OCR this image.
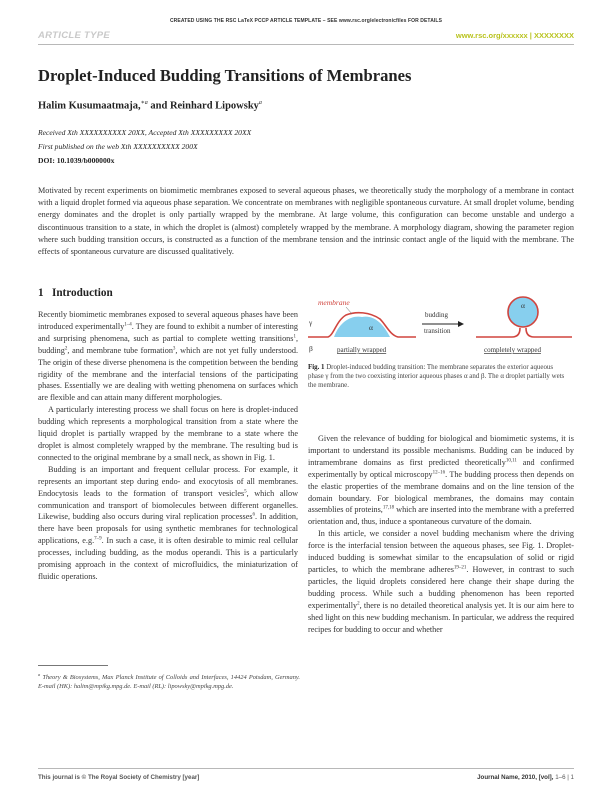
CREATED USING THE RSC LaTeX PCCP ARTICLE TEMPLATE – SEE www.rsc.org/electronicfiles FOR DETAILS
ARTICLE TYPE	www.rsc.org/xxxxxx | XXXXXXXX
Droplet-Induced Budding Transitions of Membranes
Halim Kusumaatmaja,$^{∗a}$ and Reinhard Lipowsky$^a$
Received Xth XXXXXXXXXX 20XX, Accepted Xth XXXXXXXXX 20XX
First published on the web Xth XXXXXXXXXX 200X
DOI: 10.1039/b000000x
Motivated by recent experiments on biomimetic membranes exposed to several aqueous phases, we theoretically study the morphology of a membrane in contact with a liquid droplet formed via aqueous phase separation. We concentrate on membranes with negligible spontaneous curvature. At small droplet volume, bending energy dominates and the droplet is only partially wrapped by the membrane. At large volume, this configuration can become unstable and undergo a discontinuous transition to a state, in which the droplet is (almost) completely wrapped by the membrane. A morphology diagram, showing the parameter region where such budding transition occurs, is constructed as a function of the membrane tension and the intrinsic contact angle of the liquid with the membrane. The effects of spontaneous curvature are discussed qualitatively.
1 Introduction

Recently biomimetic membranes exposed to several aqueous phases have been introduced experimentally$^{1-4}$. They are found to exhibit a number of interesting and surprising phenomena, such as partial to complete wetting transitions$^1$, budding$^2$, and membrane tube formation$^3$, which are not yet fully understood. The origin of these diverse phenomena is the competition between the bending rigidity of the membrane and the interfacial tensions of the participating phases. Essentially we are dealing with wetting phenomena on surfaces which are flexible and can attain many different morphologies.

A particularly interesting process we shall focus on here is droplet-induced budding which represents a morphological transition from a state where the liquid droplet is partially wrapped by the membrane to a state where the droplet is almost completely wrapped by the membrane. The resulting bud is connected to the original membrane by a small neck, as shown in Fig. 1.

Budding is an important and frequent cellular process. For example, it represents an important step during endo- and exocytosis of all membranes. Endocytosis leads to the formation of transport vesicles$^5$, which allow communication and transport of biomolecules between different organelles. Likewise, budding also occurs during viral replication processes$^6$. In addition, there have been proposals for using synthetic membranes for technological applications, e.g.$^{7-9}$. In such a case, it is often desirable to mimic real cellular processes, including budding, as the modus operandi. This is a particularly promising approach in the context of microfluidics, the miniaturization of fluidic operations.

$^a$ Theory & Biosystems, Max Planck Institute of Colloids and Interfaces, 14424 Potsdam, Germany. E-mail (HK): halim@mpikg.mpg.de. E-mail (RL): lipowsky@mpikg.mpg.de.
membrane
γ
α
β	partially wrapped
budding
transition
α
completely wrapped
Fig. 1 Droplet-induced budding transition: The membrane separates the exterior aqueous phase γ from the two coexisting interior aqueous phases α and β. The α droplet partially wets the membrane.

Given the relevance of budding for biological and biomimetic systems, it is important to understand its possible mechanisms. Budding can be induced by intramembrane domains as first predicted theoretically$^{10,11}$ and confirmed experimentally by optical microscopy$^{12-16}$. The budding process then depends on the elastic properties of the membrane domains and on the line tension of the domain boundary. For biological membranes, the domains may contain assemblies of proteins,$^{17,18}$ which are inserted into the membrane with a preferred orientation and, thus, induce a spontaneous curvature of the domain.

In this article, we consider a novel budding mechanism where the driving force is the interfacial tension between the aqueous phases, see Fig. 1. Droplet-induced budding is somewhat similar to the encapsulation of solid or rigid particles, to which the membrane adheres$^{19-21}$. However, in contrast to such particles, the liquid droplets considered here change their shape during the budding process. While such a budding phenomenon has been reported experimentally$^2$, there is no detailed theoretical analysis yet. It is our aim here to shed light on this new budding mechanism. In particular, we address the required recipes for budding to occur and whether

This journal is © The Royal Society of Chemistry [year]	Journal Name, 2010, [vol], 1–6 | 1
